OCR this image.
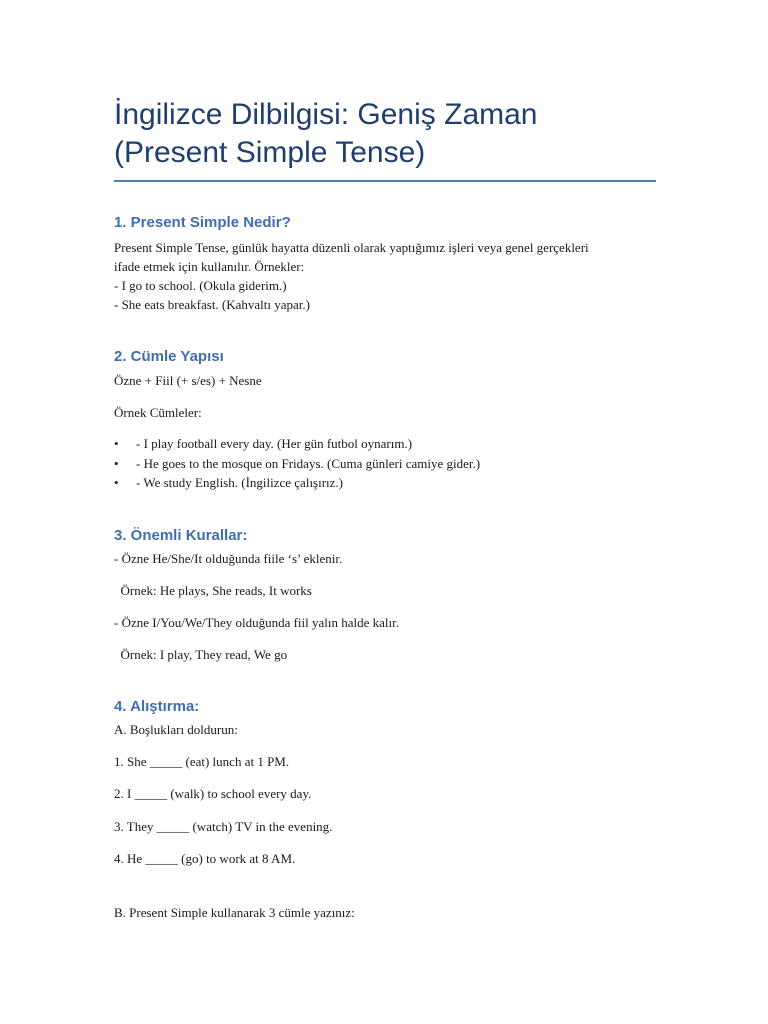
İngilizce Dilbilgisi: Geniş Zaman (Present Simple Tense)
1. Present Simple Nedir?

Present Simple Tense, günlük hayatta düzenli olarak yaptığımız işleri veya genel gerçekleri

ifade etmek için kullanılır. Örnekler:

- I go to school. (Okula giderim.)

- She eats breakfast. (Kahvaltı yapar.)

2. Cümle Yapısı

Özne + Fiil (+ s/es) + Nesne

Örnek Cümleler:

•

- I play football every day. (Her gün futbol oynarım.)

•

- He goes to the mosque on Fridays. (Cuma günleri camiye gider.)

•

- We study English. (İngilizce çalışırız.)

3. Önemli Kurallar:

- Özne He/She/It olduğunda fiile ‘s’ eklenir.

Örnek: He plays, She reads, It works

- Özne I/You/We/They olduğunda fiil yalın halde kalır.

Örnek: I play, They read, We go

4. Alıştırma:

A. Boşlukları doldurun:

1. She _____ (eat) lunch at 1 PM.

2. I _____ (walk) to school every day.

3. They _____ (watch) TV in the evening.

4. He _____ (go) to work at 8 AM.

B. Present Simple kullanarak 3 cümle yazınız:
